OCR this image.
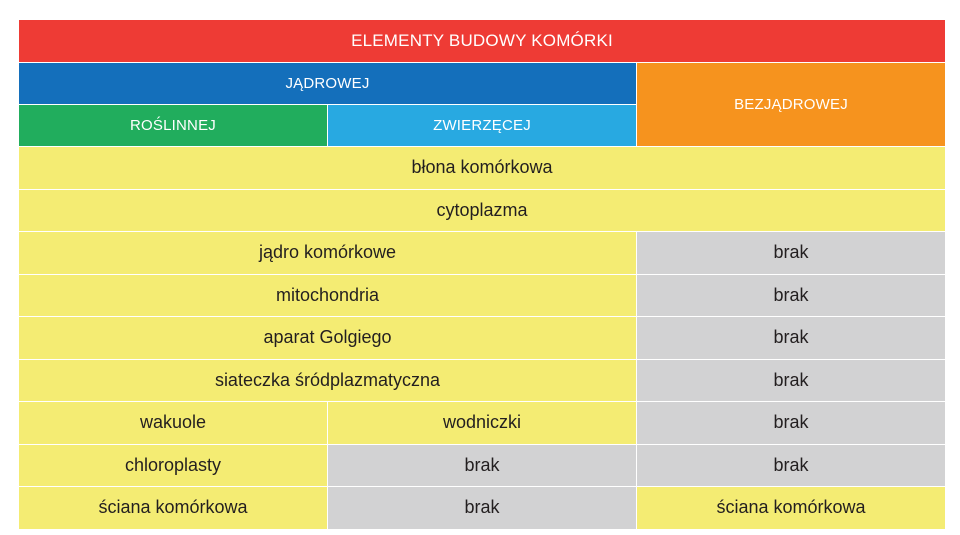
ELEMENTY BUDOWY KOMÓRKI
JĄDROWEJ
BEZJĄDROWEJ
ROŚLINNEJ	ZWIERZĘCEJ
błona komórkowa
cytoplazma
jądro komórkowe	brak
mitochondria	brak
aparat Golgiego	brak
siateczka śródplazmatyczna	brak
wakuole	wodniczki	brak
chloroplasty	brak	brak
ściana komórkowa	brak	ściana komórkowa
